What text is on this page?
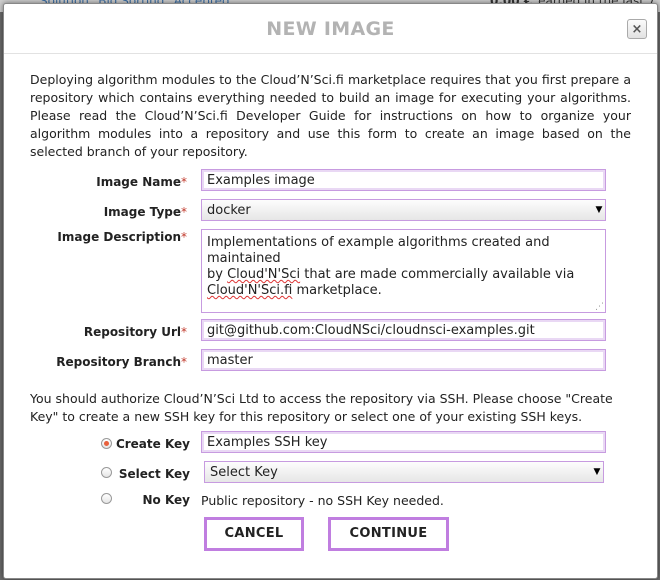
NEW IMAGE	×
Deploying algorithm modules to the Cloud’N’Sci.fi marketplace requires that you first prepare a repository which contains everything needed to build an image for executing your algorithms. Please read the Cloud’N’Sci.fi Developer Guide for instructions on how to organize your algorithm modules into a repository and use this form to create an image based on the selected branch of your repository.
Image Name*	Examples image
Image Type*	docker	▼
Image Description* Implementations of example algorithms created and maintained
by Cloud'N'Sci that are made commercially available via
Cloud'N'Sci.fi marketplace.
⋰
Repository Url*	git@github.com:CloudNSci/cloudnsci-examples.git
Repository Branch*	master
You should authorize Cloud’N’Sci Ltd to access the repository via SSH. Please choose "Create Key" to create a new SSH key for this repository or select one of your existing SSH keys.
Create Key	Examples SSH key
Select Key	Select Key	▼
No Key Public repository - no SSH Key needed.
CANCEL	CONTINUE
